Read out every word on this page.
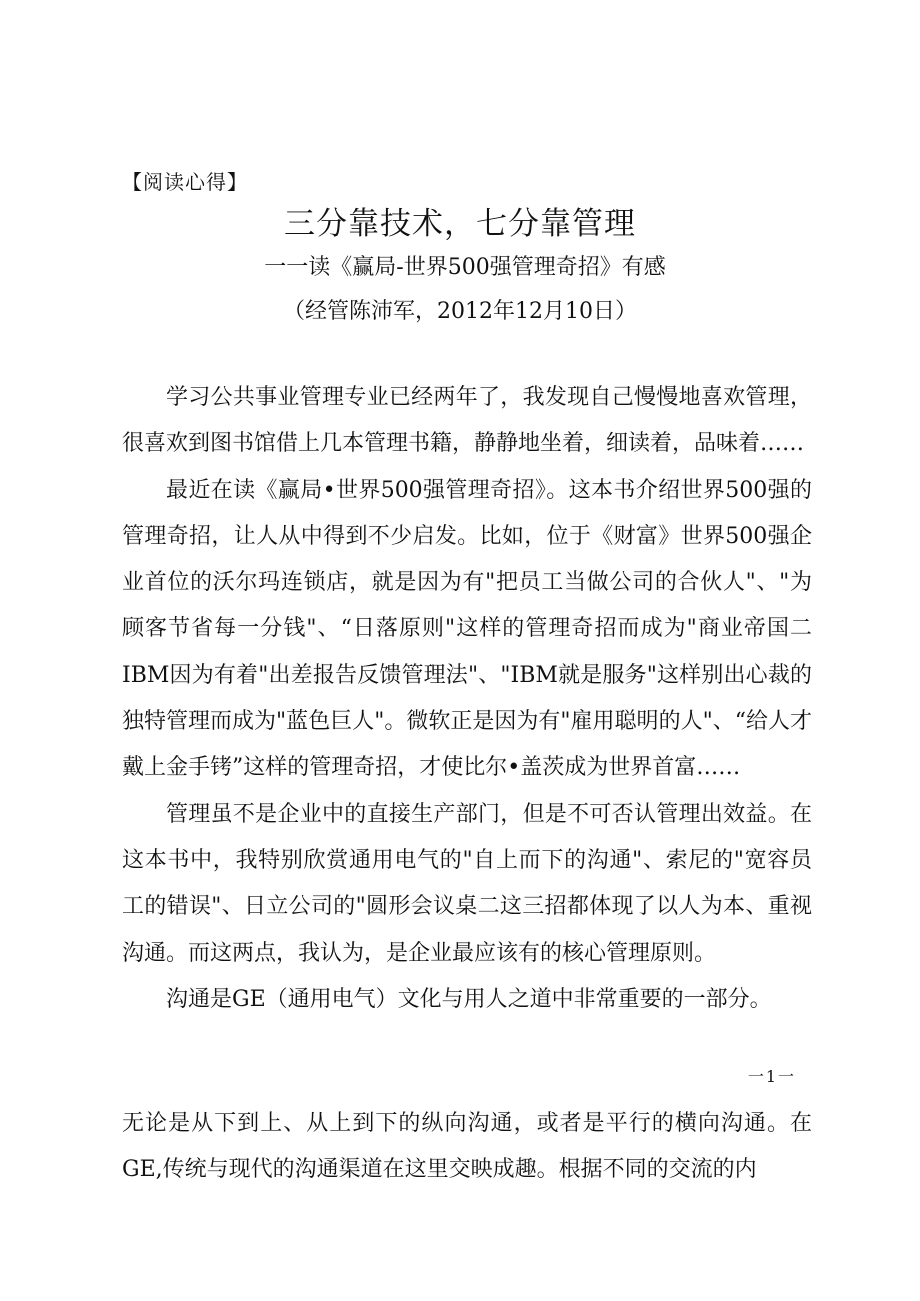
【阅读心得】
三分靠技术，七分靠管理
一一读《赢局-世界500强管理奇招》有感
（经管陈沛军，2012年12月10日）

学习公共事业管理专业已经两年了，我发现自己慢慢地喜欢管理，很喜欢到图书馆借上几本管理书籍，静静地坐着，细读着，品味着……

最近在读《赢局•世界500强管理奇招》。这本书介绍世界500强的管理奇招，让人从中得到不少启发。比如，位于《财富》世界500强企业首位的沃尔玛连锁店，就是因为有"把员工当做公司的合伙人"、"为顾客节省每一分钱"、“日落原则"这样的管理奇招而成为"商业帝国二IBM因为有着"出差报告反馈管理法"、"IBM就是服务"这样别出心裁的独特管理而成为"蓝色巨人"。微软正是因为有"雇用聪明的人"、“给人才戴上金手铐”这样的管理奇招，才使比尔•盖茨成为世界首富……

管理虽不是企业中的直接生产部门，但是不可否认管理出效益。在这本书中，我特别欣赏通用电气的"自上而下的沟通"、索尼的"宽容员工的错误"、日立公司的"圆形会议桌二这三招都体现了以人为本、重视沟通。而这两点，我认为，是企业最应该有的核心管理原则。

沟通是GE（通用电气）文化与用人之道中非常重要的一部分。

一1一

无论是从下到上、从上到下的纵向沟通，或者是平行的横向沟通。在GE,传统与现代的沟通渠道在这里交映成趣。根据不同的交流的内
